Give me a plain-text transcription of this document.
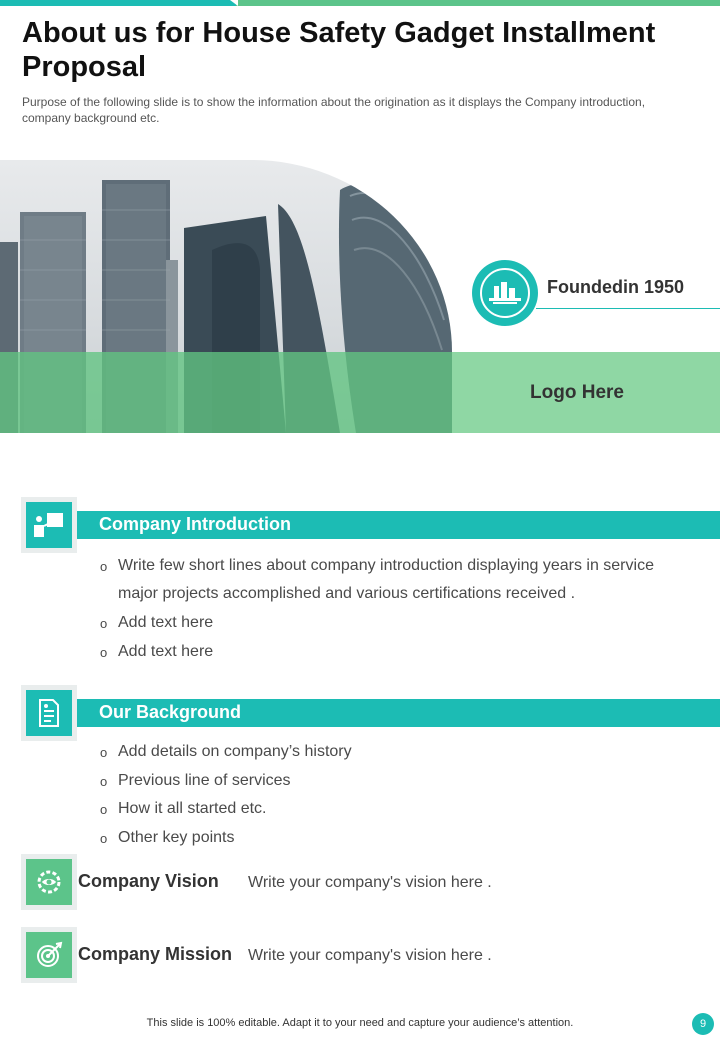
About us for House Safety Gadget Installment Proposal
Purpose of the following slide is to show the information about the origination as it displays the Company introduction, company background etc.
Logo Here
Foundedin 1950
Company Introduction
o Write few short lines about company introduction displaying years in service major projects accomplished and various certifications received .
o Add text here
o Add text here
Our Background
o Add details on company’s history
o Previous line of services
o How it all started etc.
o Other key points
Company Vision Write your company's vision here .
Company Mission Write your company's vision here .
This slide is 100% editable. Adapt it to your need and capture your audience’s attention.	9
